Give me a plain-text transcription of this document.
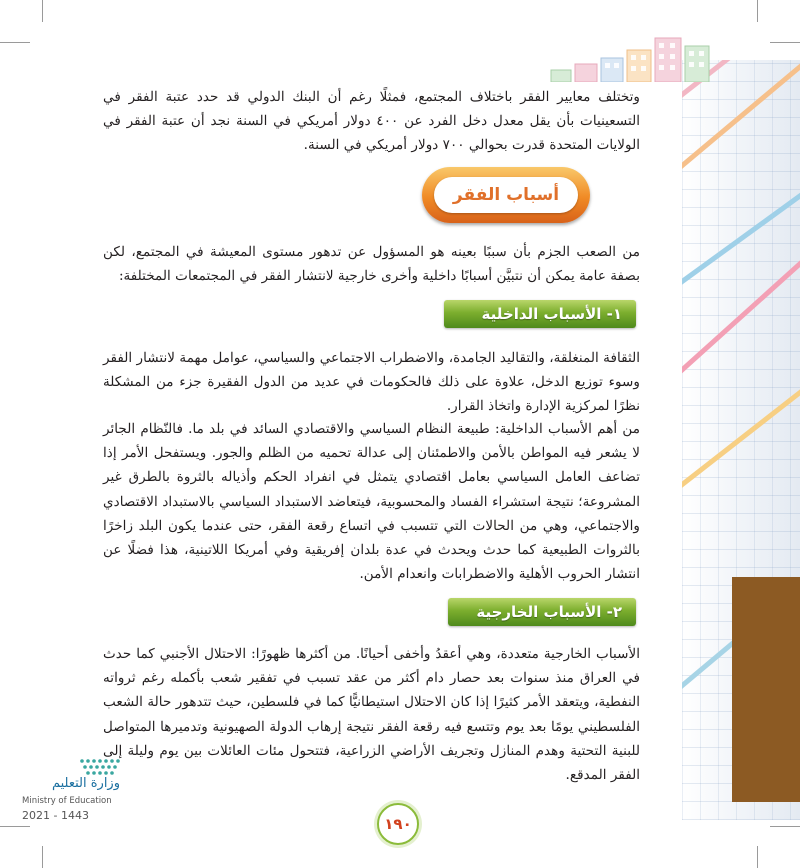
وتختلف معايير الفقر باختلاف المجتمع، فمثلًا رغم أن البنك الدولي قد حدد عتبة الفقر في التسعينيات بأن يقل معدل دخل الفرد عن ٤٠٠ دولار أمريكي في السنة نجد أن عتبة الفقر في الولايات المتحدة قدرت بحوالي ٧٠٠ دولار أمريكي في السنة.
أسباب الفقر
من الصعب الجزم بأن سببًا بعينه هو المسؤول عن تدهور مستوى المعيشة في المجتمع، لكن بصفة عامة يمكن أن نتبيَّن أسبابًا داخلية وأخرى خارجية لانتشار الفقر في المجتمعات المختلفة:
١- الأسباب الداخلية
الثقافة المنغلقة، والتقاليد الجامدة، والاضطراب الاجتماعي والسياسي، عوامل مهمة لانتشار الفقر وسوء توزيع الدخل، علاوة على ذلك فالحكومات في عديد من الدول الفقيرة جزء من المشكلة نظرًا لمركزية الإدارة واتخاذ القرار.
من أهم الأسباب الداخلية: طبيعة النظام السياسي والاقتصادي السائد في بلد ما. فالنّظام الجائر لا يشعر فيه المواطن بالأمن والاطمئنان إلى عدالة تحميه من الظلم والجور. ويستفحل الأمر إذا تضاعف العامل السياسي بعامل اقتصادي يتمثل في انفراد الحكم وأذياله بالثروة بالطرق غير المشروعة؛ نتيجة استشراء الفساد والمحسوبية، فيتعاضد الاستبداد السياسي بالاستبداد الاقتصادي والاجتماعي، وهي من الحالات التي تتسبب في اتساع رقعة الفقر، حتى عندما يكون البلد زاخرًا بالثروات الطبيعية كما حدث ويحدث في عدة بلدان إفريقية وفي أمريكا اللاتينية، هذا فضلًا عن انتشار الحروب الأهلية والاضطرابات وانعدام الأمن.
٢- الأسباب الخارجية
الأسباب الخارجية متعددة، وهي أعقدُ وأخفى أحيانًا. من أكثرها ظهورًا: الاحتلال الأجنبي كما حدث في العراق منذ سنوات بعد حصار دام أكثر من عقد تسبب في تفقير شعب بأكمله رغم ثرواته النفطية، ويتعقد الأمر كثيرًا إذا كان الاحتلال استيطانيًّا كما في فلسطين، حيث تتدهور حالة الشعب الفلسطيني يومًا بعد يوم وتتسع فيه رقعة الفقر نتيجة إرهاب الدولة الصهيونية وتدميرها المتواصل للبنية التحتية وهدم المنازل وتجريف الأراضي الزراعية، فتتحول مئات العائلات بين يوم وليلة إلى الفقر المدقع.
وزارة التعليم
Ministry of Education
2021 - 1443	١٩٠
